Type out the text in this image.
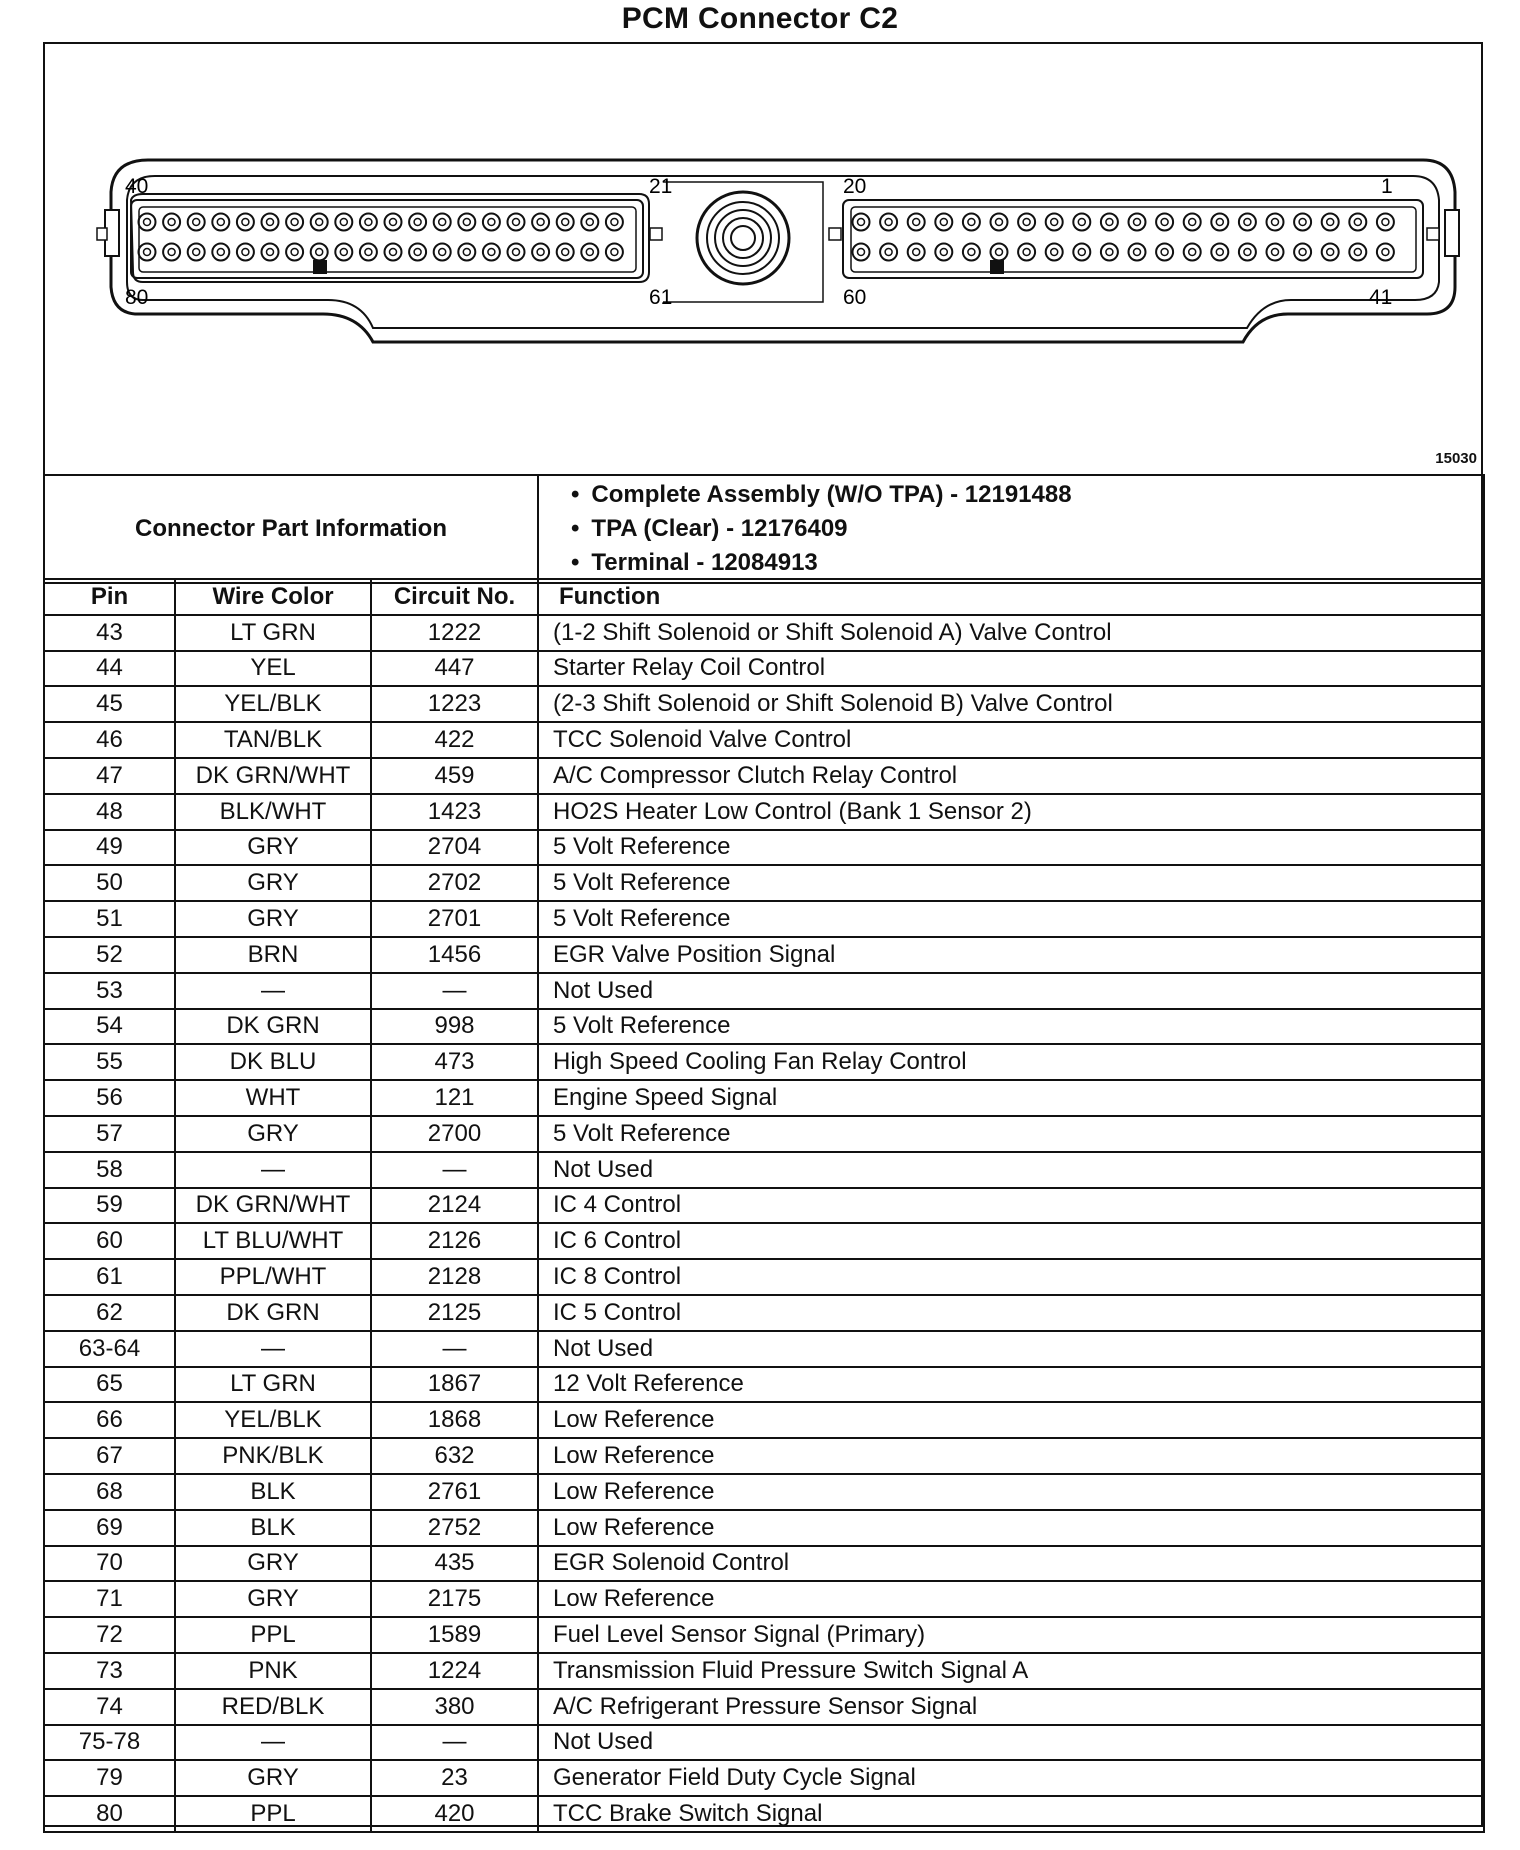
PCM Connector C2
40	21	20	1
80	61	60	41
15030
Connector Part Information	
• Complete Assembly (W/O TPA) - 12191488
• TPA (Clear) - 12176409
• Terminal - 12084913
Pin	Wire Color	Circuit No.	Function
43	LT GRN	1222	(1-2 Shift Solenoid or Shift Solenoid A) Valve Control
44	YEL	447	Starter Relay Coil Control
45	YEL/BLK	1223	(2-3 Shift Solenoid or Shift Solenoid B) Valve Control
46	TAN/BLK	422	TCC Solenoid Valve Control
47	DK GRN/WHT	459	A/C Compressor Clutch Relay Control
48	BLK/WHT	1423	HO2S Heater Low Control (Bank 1 Sensor 2)
49	GRY	2704	5 Volt Reference
50	GRY	2702	5 Volt Reference
51	GRY	2701	5 Volt Reference
52	BRN	1456	EGR Valve Position Signal
53	—	—	Not Used
54	DK GRN	998	5 Volt Reference
55	DK BLU	473	High Speed Cooling Fan Relay Control
56	WHT	121	Engine Speed Signal
57	GRY	2700	5 Volt Reference
58	—	—	Not Used
59	DK GRN/WHT	2124	IC 4 Control
60	LT BLU/WHT	2126	IC 6 Control
61	PPL/WHT	2128	IC 8 Control
62	DK GRN	2125	IC 5 Control
63-64	—	—	Not Used
65	LT GRN	1867	12 Volt Reference
66	YEL/BLK	1868	Low Reference
67	PNK/BLK	632	Low Reference
68	BLK	2761	Low Reference
69	BLK	2752	Low Reference
70	GRY	435	EGR Solenoid Control
71	GRY	2175	Low Reference
72	PPL	1589	Fuel Level Sensor Signal (Primary)
73	PNK	1224	Transmission Fluid Pressure Switch Signal A
74	RED/BLK	380	A/C Refrigerant Pressure Sensor Signal
75-78	—	—	Not Used
79	GRY	23	Generator Field Duty Cycle Signal
80	PPL	420	TCC Brake Switch Signal
